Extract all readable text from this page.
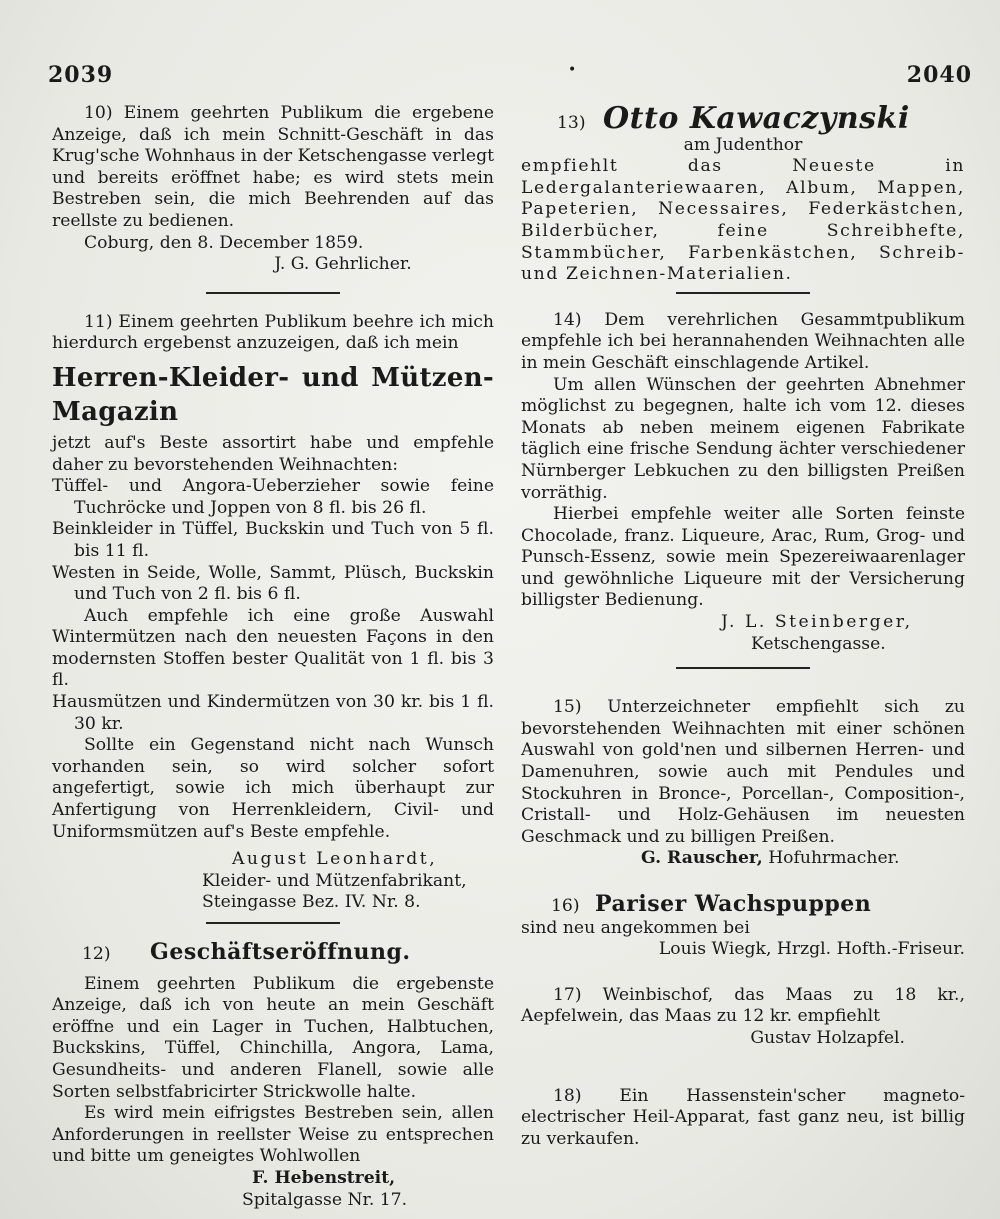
2039	•	2040

10) Einem geehrten Publikum die ergebene Anzeige, daß ich mein Schnitt-Geschäft in das Krug'sche Wohnhaus in der Ketschengasse verlegt und bereits eröffnet habe; es wird stets mein Bestreben sein, die mich Beehrenden auf das reellste zu bedienen.

Coburg, den 8. December 1859.

J. G. Gehrlicher.

11) Einem geehrten Publikum beehre ich mich hierdurch ergebenst anzuzeigen, daß ich mein

Herren-Kleider- und Mützen-Magazin

jetzt auf's Beste assortirt habe und empfehle daher zu bevorstehenden Weihnachten:

Tüffel- und Angora-Ueberzieher sowie feine Tuchröcke und Joppen von 8 fl. bis 26 fl.

Beinkleider in Tüffel, Buckskin und Tuch von 5 fl. bis 11 fl.

Westen in Seide, Wolle, Sammt, Plüsch, Buckskin und Tuch von 2 fl. bis 6 fl.

Auch empfehle ich eine große Auswahl Wintermützen nach den neuesten Façons in den modernsten Stoffen bester Qualität von 1 fl. bis 3 fl.

Hausmützen und Kindermützen von 30 kr. bis 1 fl. 30 kr.

Sollte ein Gegenstand nicht nach Wunsch vorhanden sein, so wird solcher sofort angefertigt, sowie ich mich überhaupt zur Anfertigung von Herrenkleidern, Civil- und Uniformsmützen auf's Beste empfehle.

August Leonhardt,

Kleider- und Mützenfabrikant,

Steingasse Bez. IV. Nr. 8.

12) Geschäftseröffnung.

Einem geehrten Publikum die ergebenste Anzeige, daß ich von heute an mein Geschäft eröffne und ein Lager in Tuchen, Halbtuchen, Buckskins, Tüffel, Chinchilla, Angora, Lama, Gesundheits- und anderen Flanell, sowie alle Sorten selbstfabricirter Strickwolle halte.

Es wird mein eifrigstes Bestreben sein, allen Anforderungen in reellster Weise zu entsprechen und bitte um geneigtes Wohlwollen

F. Hebenstreit,

Spitalgasse Nr. 17.

13) Otto Kawaczynski

am Judenthor

empfiehlt das Neueste in Ledergalanteriewaaren, Album, Mappen, Papeterien, Necessaires, Federkästchen, Bilderbücher, feine Schreibhefte, Stammbücher, Farbenkästchen, Schreib- und Zeichnen-Materialien.

14) Dem verehrlichen Gesammtpublikum empfehle ich bei herannahenden Weihnachten alle in mein Geschäft einschlagende Artikel.

Um allen Wünschen der geehrten Abnehmer möglichst zu begegnen, halte ich vom 12. dieses Monats ab neben meinem eigenen Fabrikate täglich eine frische Sendung ächter verschiedener Nürnberger Lebkuchen zu den billigsten Preißen vorräthig.

Hierbei empfehle weiter alle Sorten feinste Chocolade, franz. Liqueure, Arac, Rum, Grog- und Punsch-Essenz, sowie mein Spezereiwaarenlager und gewöhnliche Liqueure mit der Versicherung billigster Bedienung.

J. L. Steinberger,

Ketschengasse.

15) Unterzeichneter empfiehlt sich zu bevorstehenden Weihnachten mit einer schönen Auswahl von gold'nen und silbernen Herren- und Damenuhren, sowie auch mit Pendules und Stockuhren in Bronce-, Porcellan-, Composition-, Cristall- und Holz-Gehäusen im neuesten Geschmack und zu billigen Preißen.

G. Rauscher, Hofuhrmacher.

16) Pariser Wachspuppen

sind neu angekommen bei

Louis Wiegk, Hrzgl. Hofth.-Friseur.

17) Weinbischof, das Maas zu 18 kr., Aepfelwein, das Maas zu 12 kr. empfiehlt

Gustav Holzapfel.

18) Ein Hassenstein'scher magneto-electrischer Heil-Apparat, fast ganz neu, ist billig zu verkaufen.
